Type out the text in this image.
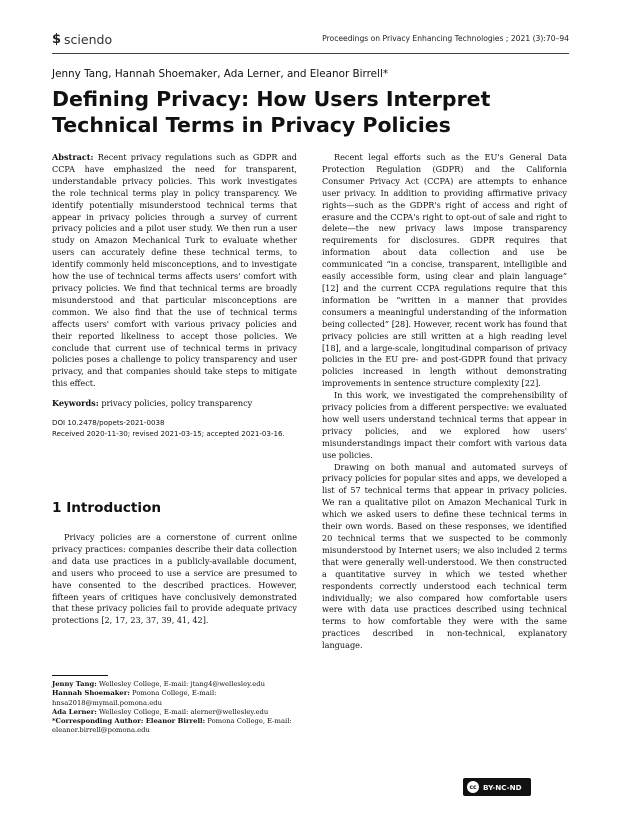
$ sciendo	Proceedings on Privacy Enhancing Technologies ; 2021 (3):70–94
Jenny Tang, Hannah Shoemaker, Ada Lerner, and Eleanor Birrell*
Defining Privacy: How Users Interpret
Technical Terms in Privacy Policies

Abstract: Recent privacy regulations such as GDPR and CCPA have emphasized the need for transparent, understandable privacy policies. This work investigates the role technical terms play in policy transparency. We identify potentially misunderstood technical terms that appear in privacy policies through a survey of current privacy policies and a pilot user study. We then run a user study on Amazon Mechanical Turk to evaluate whether users can accurately define these technical terms, to identify commonly held misconceptions, and to investigate how the use of technical terms affects users' comfort with privacy policies. We find that technical terms are broadly misunderstood and that particular misconceptions are common. We also find that the use of technical terms affects users' comfort with various privacy policies and their reported likeliness to accept those policies. We conclude that current use of technical terms in privacy policies poses a challenge to policy transparency and user privacy, and that companies should take steps to mitigate this effect.

Keywords: privacy policies, policy transparency

DOI 10.2478/popets-2021-0038
Received 2020-11-30; revised 2021-03-15; accepted 2021-03-16.

1 Introduction

Privacy policies are a cornerstone of current online privacy practices: companies describe their data collection and data use practices in a publicly-available document, and users who proceed to use a service are presumed to have consented to the described practices. However, fifteen years of critiques have conclusively demonstrated that these privacy policies fail to provide adequate privacy protections [2, 17, 23, 37, 39, 41, 42].

Jenny Tang: Wellesley College, E-mail: jtang4@wellesley.edu
Hannah Shoemaker: Pomona College, E-mail: hnsa2018@mymail.pomona.edu
Ada Lerner: Wellesley College, E-mail: alerner@wellesley.edu
*Corresponding Author: Eleanor Birrell: Pomona College, E-mail: eleanor.birrell@pomona.edu

Recent legal efforts such as the EU's General Data Protection Regulation (GDPR) and the California Consumer Privacy Act (CCPA) are attempts to enhance user privacy. In addition to providing affirmative privacy rights—such as the GDPR's right of access and right of erasure and the CCPA's right to opt-out of sale and right to delete—the new privacy laws impose transparency requirements for disclosures. GDPR requires that information about data collection and use be communicated “in a concise, transparent, intelligible and easily accessible form, using clear and plain language” [12] and the current CCPA regulations require that this information be “written in a manner that provides consumers a meaningful understanding of the information being collected” [28]. However, recent work has found that privacy policies are still written at a high reading level [18], and a large-scale, longitudinal comparison of privacy policies in the EU pre- and post-GDPR found that privacy policies increased in length without demonstrating improvements in sentence structure complexity [22].

In this work, we investigated the comprehensibility of privacy policies from a different perspective: we evaluated how well users understand technical terms that appear in privacy policies, and we explored how users' misunderstandings impact their comfort with various data use policies.

Drawing on both manual and automated surveys of privacy policies for popular sites and apps, we developed a list of 57 technical terms that appear in privacy policies. We ran a qualitative pilot on Amazon Mechanical Turk in which we asked users to define these technical terms in their own words. Based on these responses, we identified 20 technical terms that we suspected to be commonly misunderstood by Internet users; we also included 2 terms that were generally well-understood. We then constructed a quantitative survey in which we tested whether respondents correctly understood each technical term individually; we also compared how comfortable users were with data use practices described using technical terms to how comfortable they were with the same practices described in non-technical, explanatory language.

cc BY-NC-ND
